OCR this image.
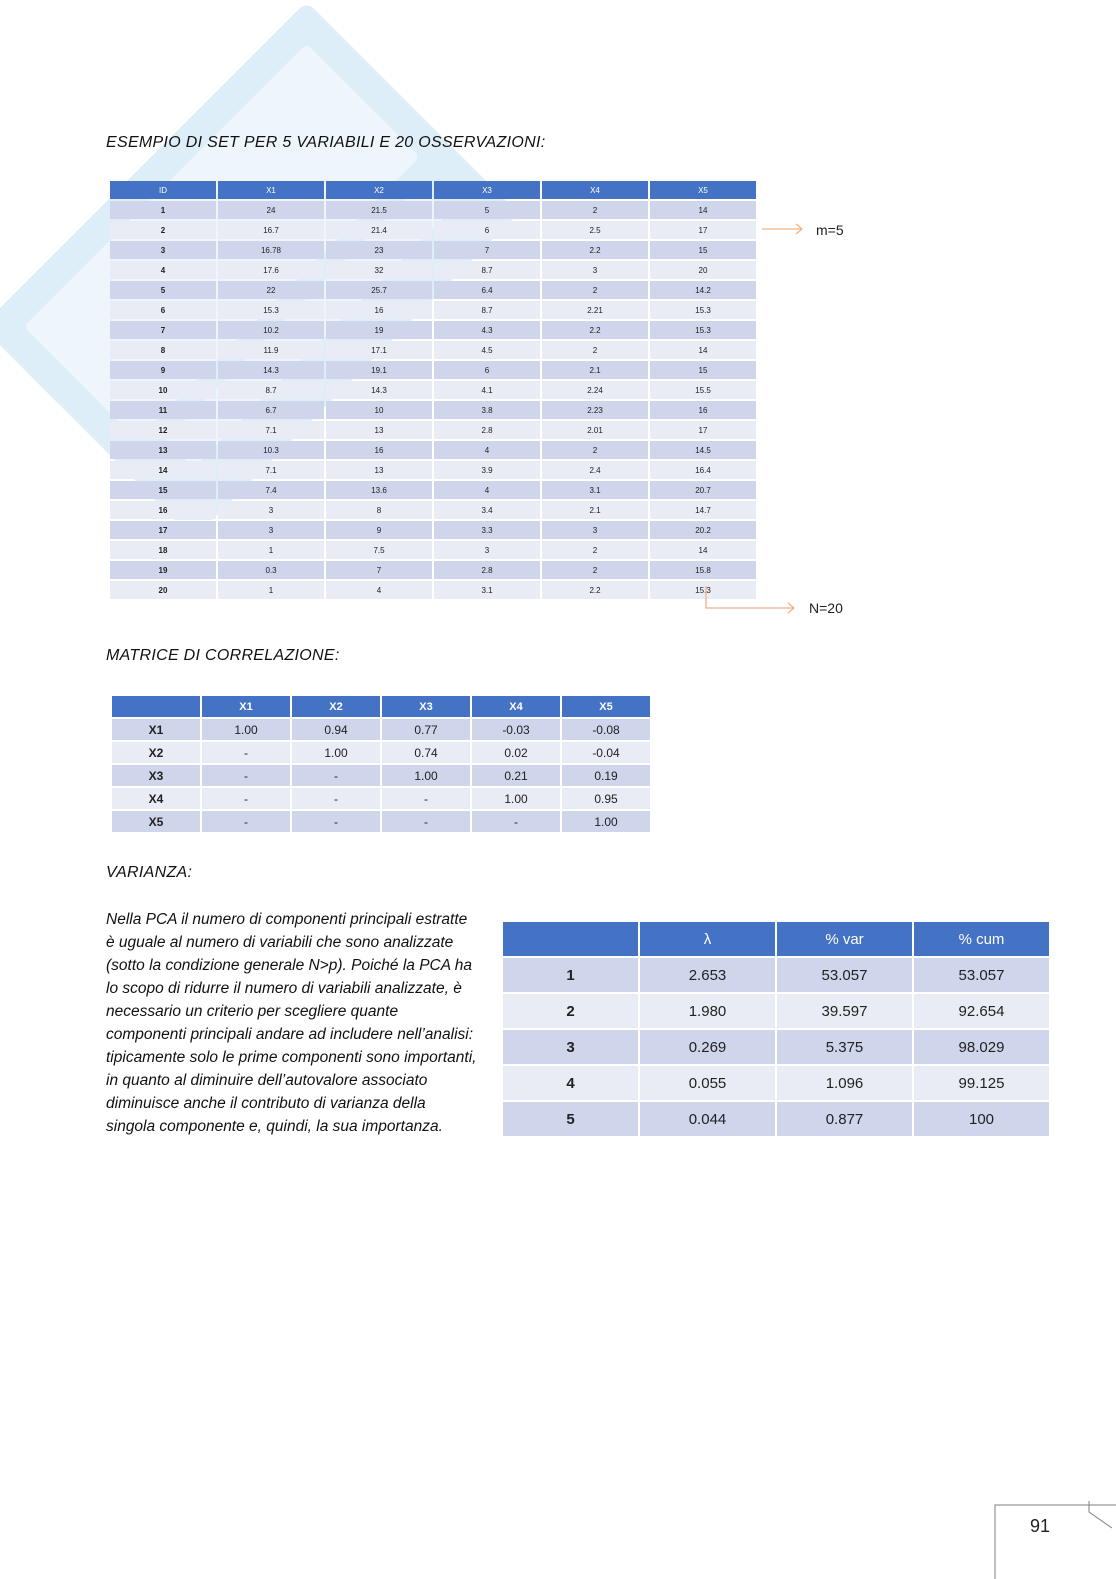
ESEMPIO DI SET PER 5 VARIABILI E 20 OSSERVAZIONI:
ID	X1	X2	X3	X4	X5
1	24	21.5	5	2	14
2	16.7	21.4	6	2.5	17
3	16.78	23	7	2.2	15
4	17.6	32	8.7	3	20
5	22	25.7	6.4	2	14.2
6	15.3	16	8.7	2.21	15.3
7	10.2	19	4.3	2.2	15.3
8	11.9	17.1	4.5	2	14
9	14.3	19.1	6	2.1	15
10	8.7	14.3	4.1	2.24	15.5
11	6.7	10	3.8	2.23	16
12	7.1	13	2.8	2.01	17
13	10.3	16	4	2	14.5
14	7.1	13	3.9	2.4	16.4
15	7.4	13.6	4	3.1	20.7
16	3	8	3.4	2.1	14.7
17	3	9	3.3	3	20.2
18	1	7.5	3	2	14
19	0.3	7	2.8	2	15.8
20	1	4	3.1	2.2	15.3
m=5
N=20
MATRICE DI CORRELAZIONE:
	X1	X2	X3	X4	X5
X1	1.00	0.94	0.77	-0.03	-0.08
X2	-	1.00	0.74	0.02	-0.04
X3	-	-	1.00	0.21	0.19
X4	-	-	-	1.00	0.95
X5	-	-	-	-	1.00
VARIANZA:
Nella PCA il numero di componenti principali estratte è uguale al numero di variabili che sono analizzate (sotto la condizione generale N>p). Poiché la PCA ha lo scopo di ridurre il numero di variabili analizzate, è necessario un criterio per scegliere quante componenti principali andare ad includere nell’analisi: tipicamente solo le prime componenti sono importanti, in quanto al diminuire dell’autovalore associato diminuisce anche il contributo di varianza della singola componente e, quindi, la sua importanza.
	λ	% var	% cum
1	2.653	53.057	53.057
2	1.980	39.597	92.654
3	0.269	5.375	98.029
4	0.055	1.096	99.125
5	0.044	0.877	100
91
